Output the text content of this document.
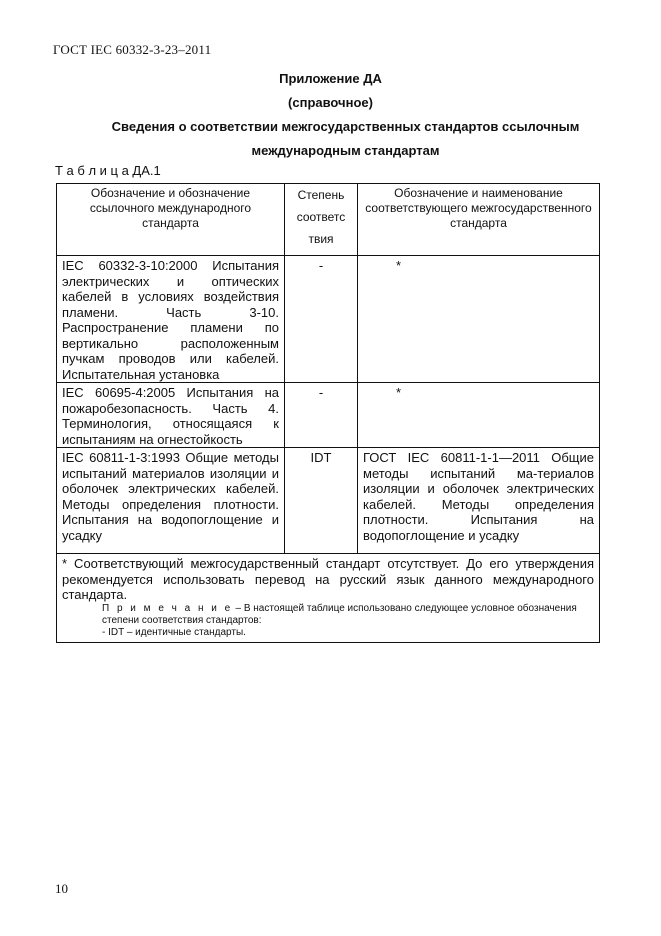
ГОСТ IEC 60332-3-23–2011
Приложение ДА
(справочное)
Сведения о соответствии межгосударственных стандартов ссылочным
международным стандартам
Т а б л и ц а ДА.1
Обозначение и обозначение ссылочного международного стандарта	Степень соответс твия	Обозначение и наименование соответствующего межгосударственного стандарта
IEC 60332-3-10:2000 Испытания электрических и оптических кабелей в условиях воздействия пламени. Часть 3-10. Распространение пламени по вертикально расположенным пучкам проводов или кабелей. Испытательная установка	-	*
IEC 60695-4:2005 Испытания на пожаробезопасность. Часть 4. Терминология, относящаяся к испытаниям на огнестойкость	-	*
IEC 60811-1-3:1993 Общие методы испытаний материалов изоляции и оболочек электрических кабелей. Методы определения плотности. Испытания на водопоглощение и усадку	IDT	ГОСТ IEC 60811-1-1—2011 Общие методы испытаний ма-териалов изоляции и оболочек электрических кабелей. Методы определения плотности. Испытания на водопоглощение и усадку

* Соответствующий межгосударственный стандарт отсутствует. До его утверждения рекомендуется использовать перевод на русский язык данного международного стандарта.
П р и м е ч а н и е – В настоящей таблице использовано следующее условное обозначения степени соответствия стандартов:
- IDT – идентичные стандарты.		
10
